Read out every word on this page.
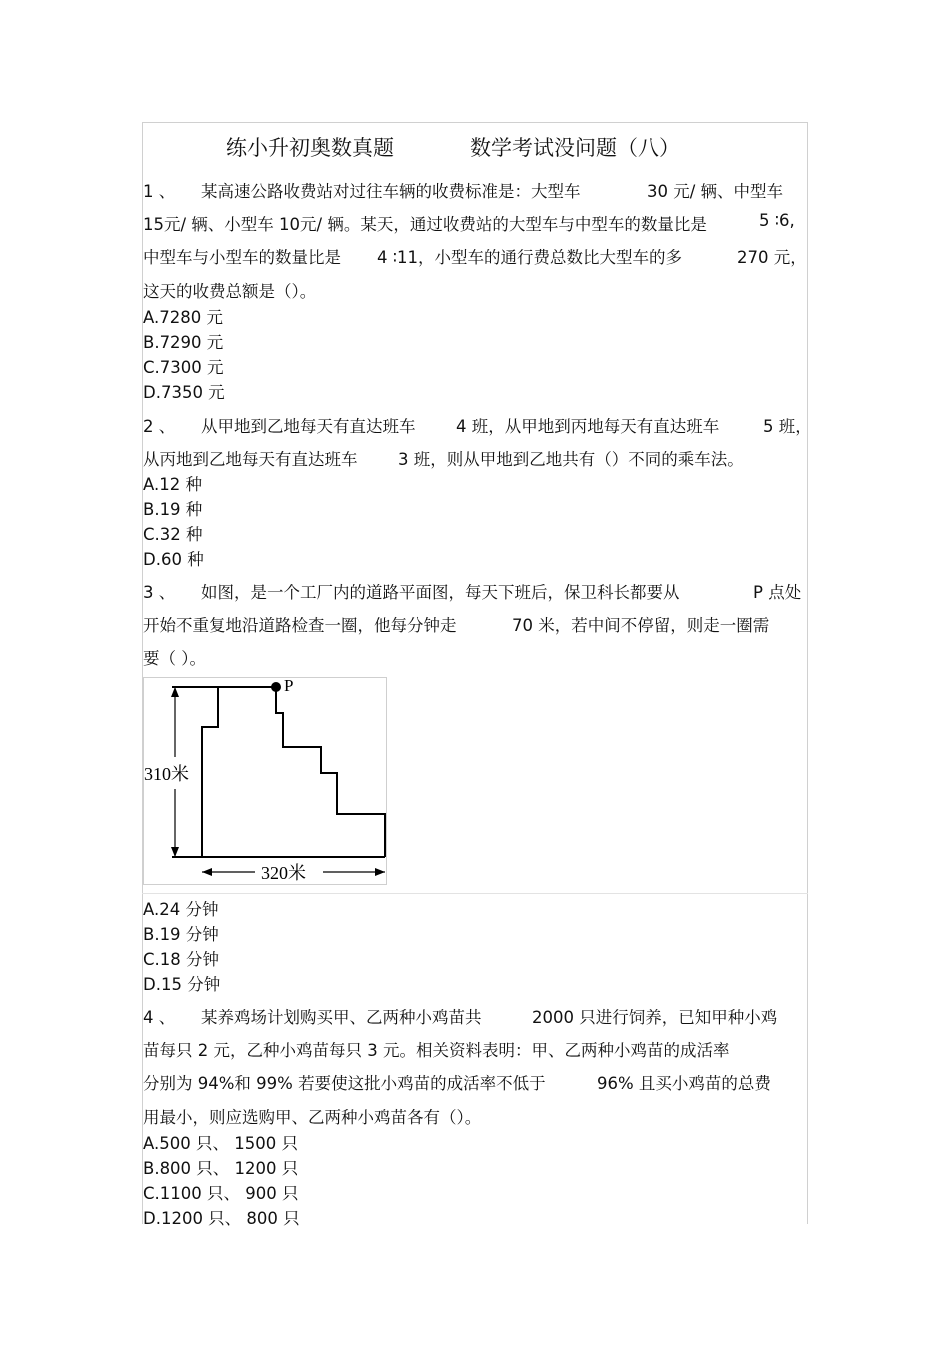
练小升初奥数真题	数学考试没问题（八）
1 、 某高速公路收费站对过往车辆的收费标准是：大型车	30 元/ 辆、中型车
15元/ 辆、小型车 10元/ 辆。某天，通过收费站的大型车与中型车的数量比是	5 ∶6,
中型车与小型车的数量比是 4 ∶11，小型车的通行费总数比大型车的多	270 元，
这天的收费总额是（）。
A.7280 元
B.7290 元
C.7300 元
D.7350 元
2 、 从甲地到乙地每天有直达班车 4 班，从甲地到丙地每天有直达班车	5 班，
从丙地到乙地每天有直达班车 3 班，则从甲地到乙地共有（）不同的乘车法。
A.12 种
B.19 种
C.32 种
D.60 种
3 、 如图，是一个工厂内的道路平面图，每天下班后，保卫科长都要从	P 点处
开始不重复地沿道路检查一圈，他每分钟走	70 米，若中间不停留，则走一圈需
要（ ）。
P
310米
320米
A.24 分钟
B.19 分钟
C.18 分钟
D.15 分钟
4 、 某养鸡场计划购买甲、乙两种小鸡苗共	2000 只进行饲养，已知甲种小鸡
苗每只 2 元，乙种小鸡苗每只 3 元。相关资料表明：甲、乙两种小鸡苗的成活率
分别为 94%和 99% 若要使这批小鸡苗的成活率不低于	96% 且买小鸡苗的总费
用最小，则应选购甲、乙两种小鸡苗各有（）。
A.500 只、 1500 只
B.800 只、 1200 只
C.1100 只、 900 只
D.1200 只、 800 只
